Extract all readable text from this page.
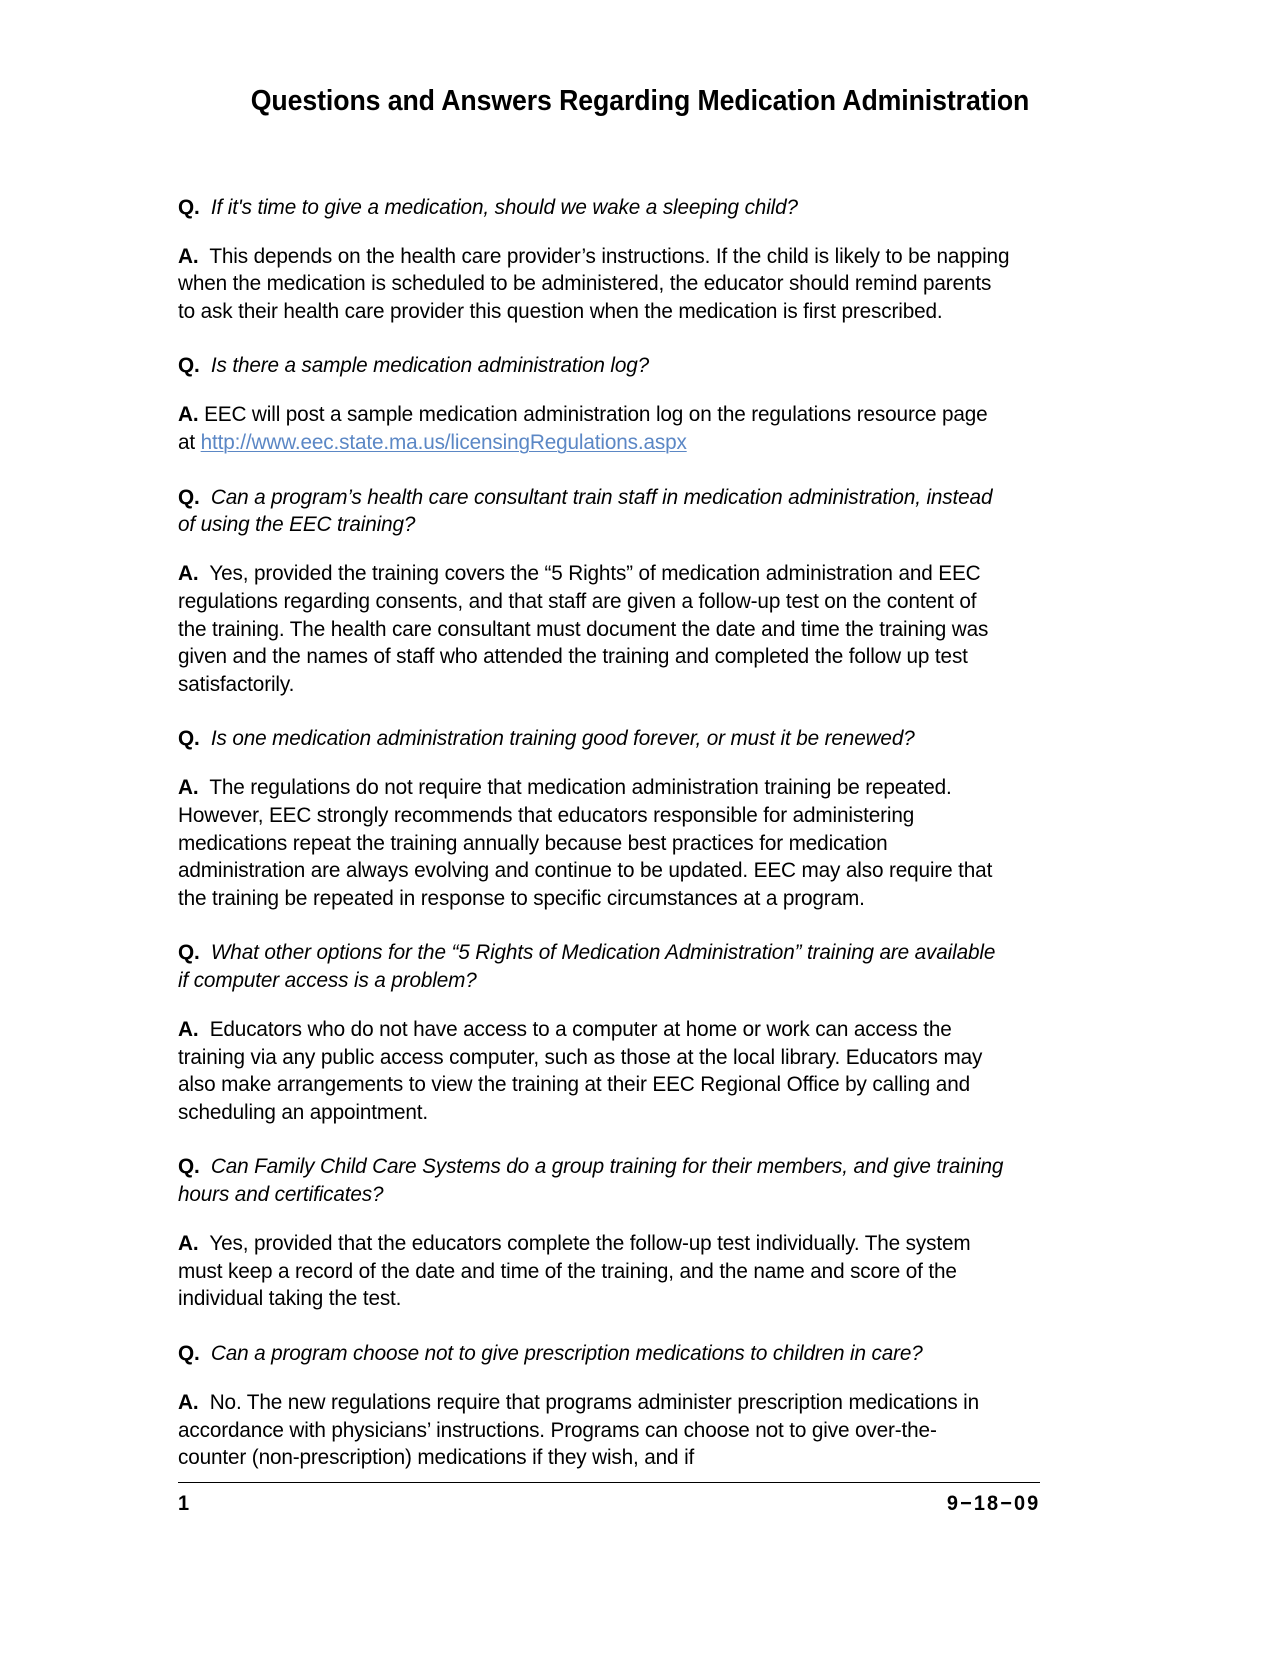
Questions and Answers Regarding Medication Administration

Q. If it's time to give a medication, should we wake a sleeping child?

A. This depends on the health care provider’s instructions. If the child is likely to be napping when the medication is scheduled to be administered, the educator should remind parents to ask their health care provider this question when the medication is first prescribed.

Q. Is there a sample medication administration log?

A. EEC will post a sample medication administration log on the regulations resource page at http://www.eec.state.ma.us/licensingRegulations.aspx

Q. Can a program’s health care consultant train staff in medication administration, instead of using the EEC training?

A. Yes, provided the training covers the “5 Rights” of medication administration and EEC regulations regarding consents, and that staff are given a follow-up test on the content of the training. The health care consultant must document the date and time the training was given and the names of staff who attended the training and completed the follow up test satisfactorily.

Q. Is one medication administration training good forever, or must it be renewed?

A. The regulations do not require that medication administration training be repeated. However, EEC strongly recommends that educators responsible for administering medications repeat the training annually because best practices for medication administration are always evolving and continue to be updated. EEC may also require that the training be repeated in response to specific circumstances at a program.

Q. What other options for the “5 Rights of Medication Administration” training are available if computer access is a problem?

A. Educators who do not have access to a computer at home or work can access the training via any public access computer, such as those at the local library. Educators may also make arrangements to view the training at their EEC Regional Office by calling and scheduling an appointment.

Q. Can Family Child Care Systems do a group training for their members, and give training hours and certificates?

A. Yes, provided that the educators complete the follow-up test individually. The system must keep a record of the date and time of the training, and the name and score of the individual taking the test.

Q. Can a program choose not to give prescription medications to children in care?

A. No. The new regulations require that programs administer prescription medications in accordance with physicians’ instructions. Programs can choose not to give over-the- counter (non-prescription) medications if they wish, and if

1	9−18−09
